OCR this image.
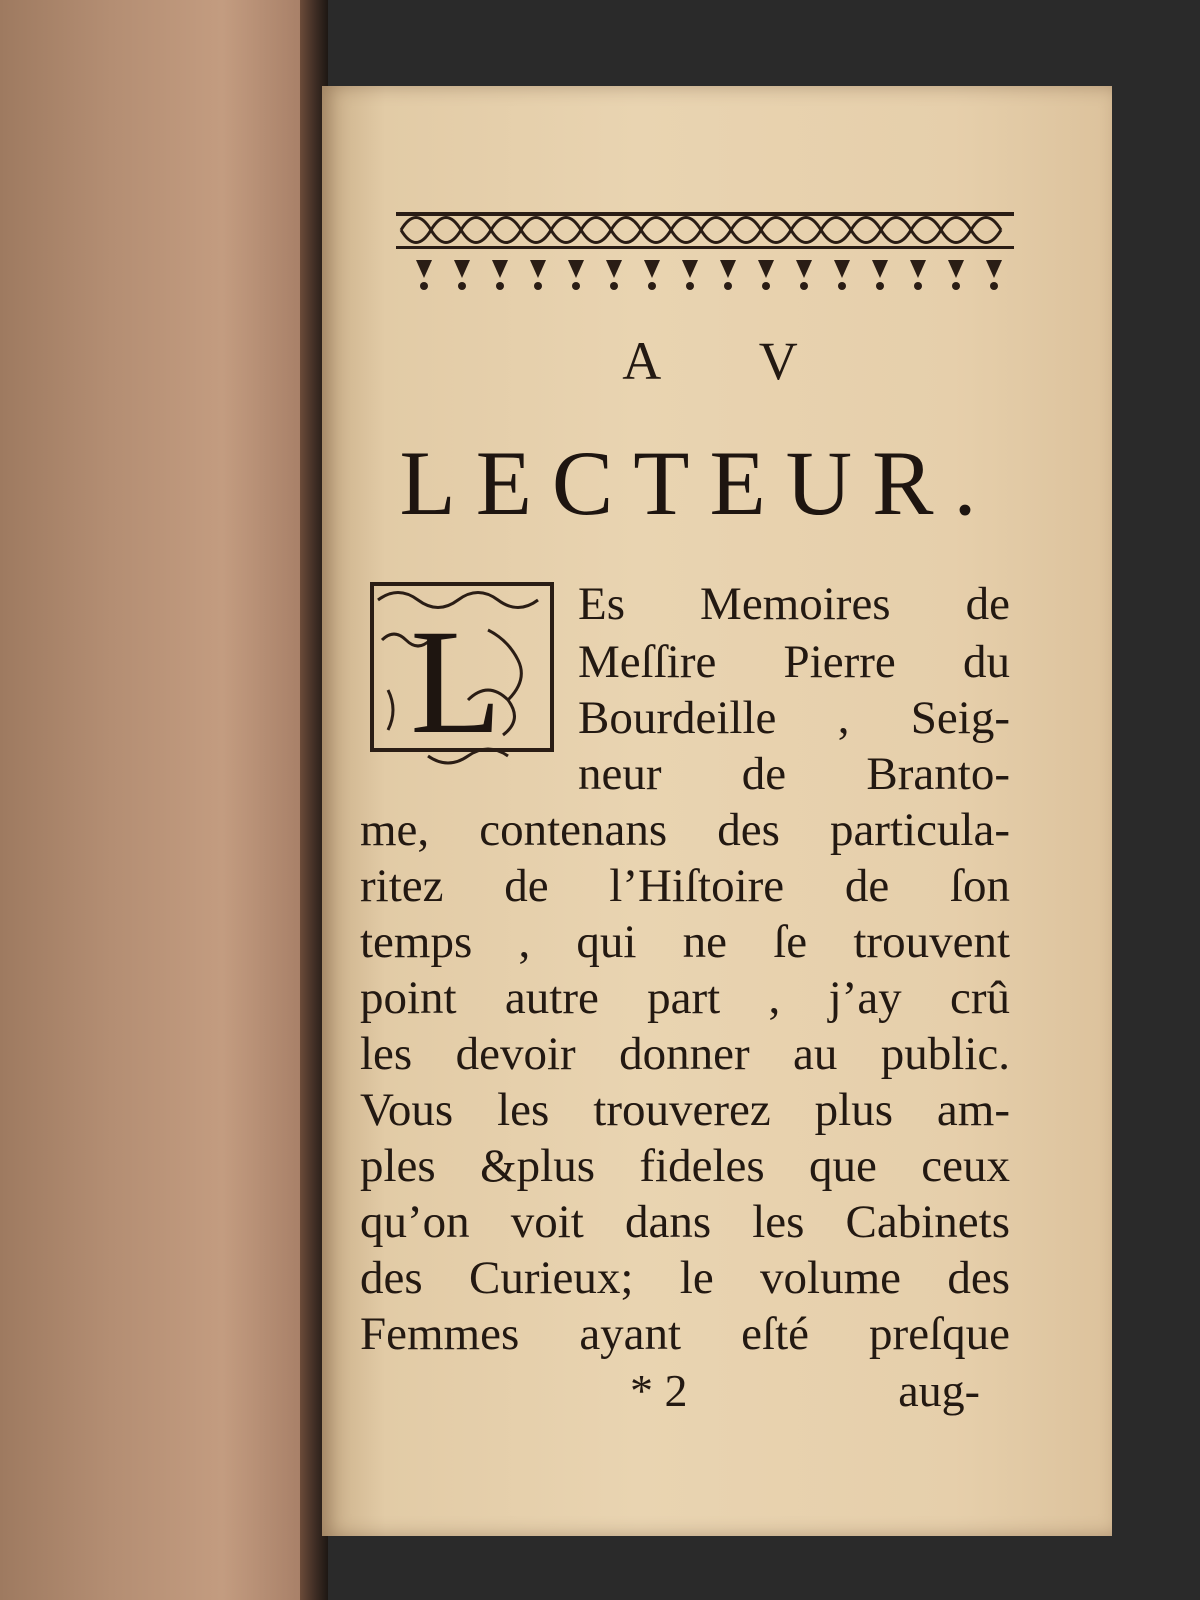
A V
LECTEUR.
L Es Memoires de
Meſſire Pierre du
Bourdeille , Seig-
neur de Branto-
me, contenans des particula-
ritez de l’Hiſtoire de ſon
temps , qui ne ſe trouvent
point autre part , j’ay crû
les devoir donner au public.
Vous les trouverez plus am-
ples &plus fideles que ceux
qu’on voit dans les Cabinets
des Curieux; le volume des
Femmes ayant eſté preſque
* 2	aug-
